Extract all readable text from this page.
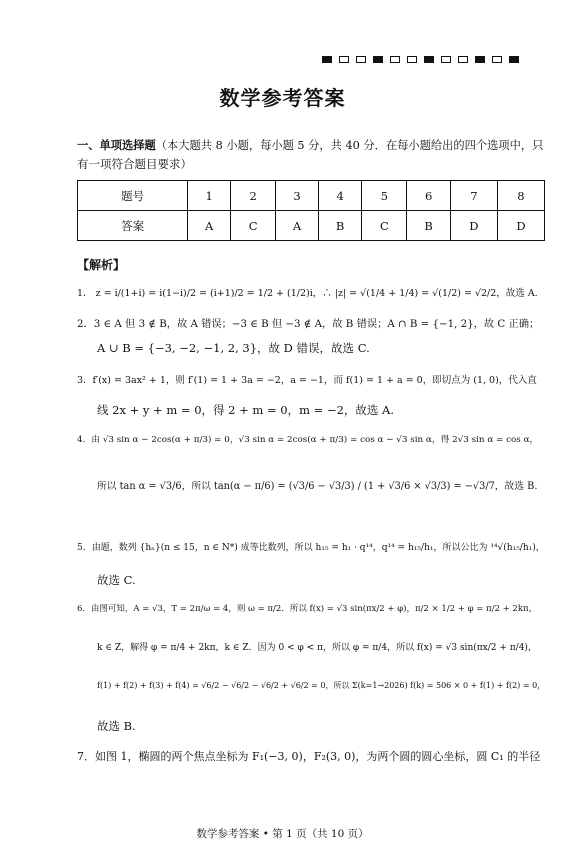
数学参考答案
一、单项选择题（本大题共 8 小题，每小题 5 分，共 40 分．在每小题给出的四个选项中，只
有一项符合题目要求）
题号	1	2	3	4	5	6	7	8
答案	A	C	A	B	C	B	D	D
【解析】
1． z = i/(1+i) = i(1−i)/2 = (i+1)/2 = 1/2 + (1/2)i，∴ |z| = √(1/4 + 1/4) = √(1/2) = √2/2，故选 A.
2．3 ∈ A 但 3 ∉ B，故 A 错误；−3 ∈ B 但 −3 ∉ A，故 B 错误；A ∩ B = {−1, 2}，故 C 正确；
A ∪ B = {−3, −2, −1, 2, 3}，故 D 错误，故选 C.
3．f′(x) = 3ax² + 1，则 f′(1) = 1 + 3a = −2，a = −1，而 f(1) = 1 + a = 0，即切点为 (1, 0)，代入直
线 2x + y + m = 0，得 2 + m = 0，m = −2，故选 A.
4．由 √3 sin α − 2cos(α + π/3) = 0，√3 sin α = 2cos(α + π/3) = cos α − √3 sin α，得 2√3 sin α = cos α，
所以 tan α = √3/6，所以 tan(α − π/6) = (√3/6 − √3/3) / (1 + √3/6 × √3/3) = −√3/7，故选 B.
5．由题，数列 {hₙ}(n ≤ 15，n ∈ N*) 成等比数列，所以 h₁₅ = h₁ · q¹⁴，q¹⁴ = h₁₅/h₁，所以公比为 ¹⁴√(h₁₅/h₁)，
故选 C.
6．由图可知，A = √3，T = 2π/ω = 4，则 ω = π/2．所以 f(x) = √3 sin(πx/2 + φ)，π/2 × 1/2 + φ = π/2 + 2kπ，
k ∈ Z，解得 φ = π/4 + 2kπ，k ∈ Z．因为 0 < φ < π，所以 φ = π/4，所以 f(x) = √3 sin(πx/2 + π/4)，
f(1) + f(2) + f(3) + f(4) = √6/2 − √6/2 − √6/2 + √6/2 = 0，所以 Σ(k=1→2026) f(k) = 506 × 0 + f(1) + f(2) = 0，
故选 B.
7．如图 1，椭圆的两个焦点坐标为 F₁(−3, 0)，F₂(3, 0)，为两个圆的圆心坐标，圆 C₁ 的半径
数学参考答案 • 第 1 页（共 10 页）
